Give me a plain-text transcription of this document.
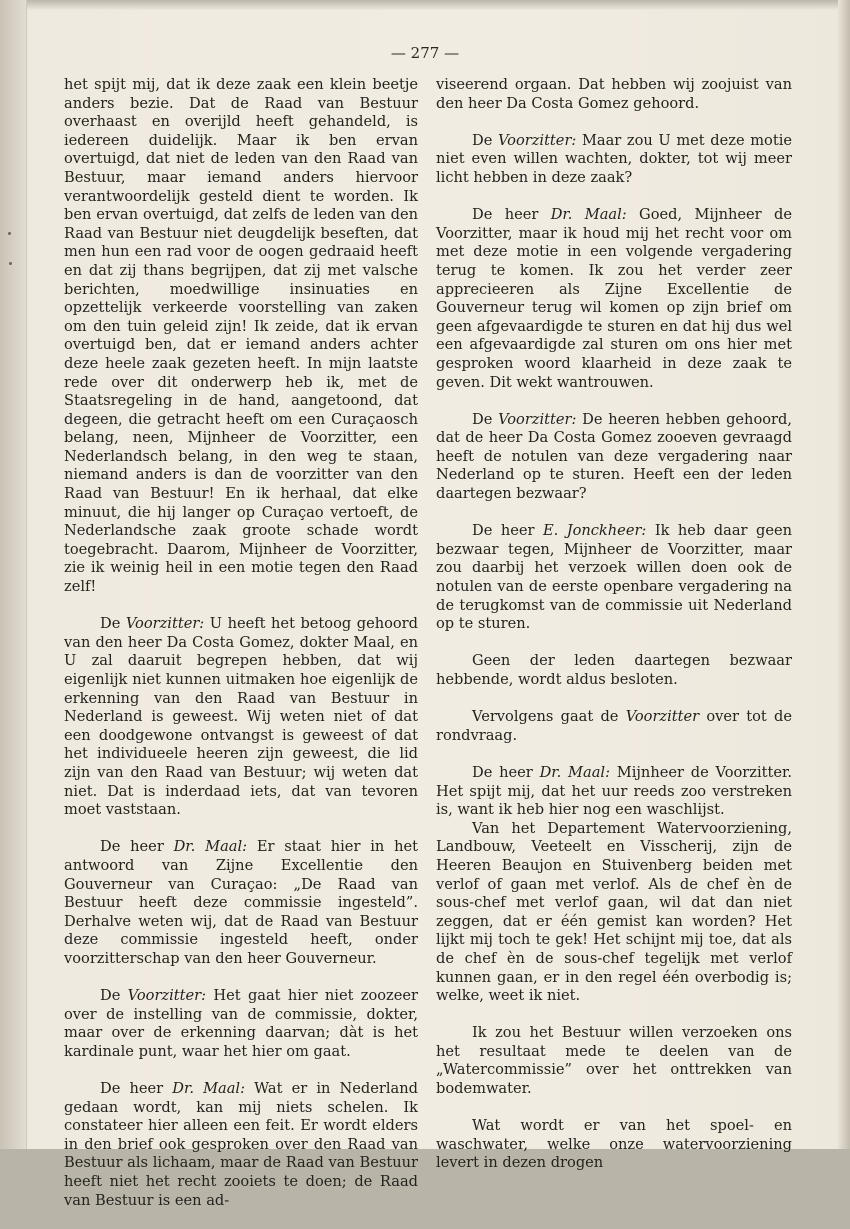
— 277 —

het spijt mij, dat ik deze zaak een klein beetje anders bezie. Dat de Raad van Bestuur overhaast en overijld heeft gehandeld, is iedereen duidelijk. Maar ik ben ervan overtuigd, dat niet de leden van den Raad van Bestuur, maar iemand anders hiervoor verantwoordelijk gesteld dient te worden. Ik ben ervan overtuigd, dat zelfs de leden van den Raad van Bestuur niet deugdelijk beseften, dat men hun een rad voor de oogen gedraaid heeft en dat zij thans begrijpen, dat zij met valsche berichten, moedwillige insinuaties en opzettelijk verkeerde voorstelling van zaken om den tuin geleid zijn! Ik zeide, dat ik ervan overtuigd ben, dat er iemand anders achter deze heele zaak gezeten heeft. In mijn laatste rede over dit onderwerp heb ik, met de Staatsregeling in de hand, aangetoond, dat degeen, die getracht heeft om een Curaçaosch belang, neen, Mijnheer de Voorzitter, een Nederlandsch belang, in den weg te staan, niemand anders is dan de voorzitter van den Raad van Bestuur! En ik herhaal, dat elke minuut, die hij langer op Curaçao vertoeft, de Nederlandsche zaak groote schade wordt toegebracht. Daarom, Mijnheer de Voorzitter, zie ik weinig heil in een motie tegen den Raad zelf!

De Voorzitter: U heeft het betoog gehoord van den heer Da Costa Gomez, dokter Maal, en U zal daaruit begrepen hebben, dat wij eigenlijk niet kunnen uitmaken hoe eigenlijk de erkenning van den Raad van Bestuur in Nederland is geweest. Wij weten niet of dat een doodgewone ontvangst is geweest of dat het individueele heeren zijn geweest, die lid zijn van den Raad van Bestuur; wij weten dat niet. Dat is inderdaad iets, dat van tevoren moet vaststaan.

De heer Dr. Maal: Er staat hier in het antwoord van Zijne Excellentie den Gouverneur van Curaçao: „De Raad van Bestuur heeft deze commissie ingesteld”. Derhalve weten wij, dat de Raad van Bestuur deze commissie ingesteld heeft, onder voorzitterschap van den heer Gouverneur.

De Voorzitter: Het gaat hier niet zoozeer over de instelling van de commissie, dokter, maar over de erkenning daarvan; dàt is het kardinale punt, waar het hier om gaat.

De heer Dr. Maal: Wat er in Nederland gedaan wordt, kan mij niets schelen. Ik constateer hier alleen een feit. Er wordt elders in den brief ook gesproken over den Raad van Bestuur als lichaam, maar de Raad van Bestuur heeft niet het recht zooiets te doen; de Raad van Bestuur is een ad-

viseerend orgaan. Dat hebben wij zoojuist van den heer Da Costa Gomez gehoord.

De Voorzitter: Maar zou U met deze motie niet even willen wachten, dokter, tot wij meer licht hebben in deze zaak?

De heer Dr. Maal: Goed, Mijnheer de Voorzitter, maar ik houd mij het recht voor om met deze motie in een volgende vergadering terug te komen. Ik zou het verder zeer apprecieeren als Zijne Excellentie de Gouverneur terug wil komen op zijn brief om geen afgevaardigde te sturen en dat hij dus wel een afgevaardigde zal sturen om ons hier met gesproken woord klaarheid in deze zaak te geven. Dit wekt wantrouwen.

De Voorzitter: De heeren hebben gehoord, dat de heer Da Costa Gomez zooeven gevraagd heeft de notulen van deze vergadering naar Nederland op te sturen. Heeft een der leden daartegen bezwaar?

De heer E. Jonckheer: Ik heb daar geen bezwaar tegen, Mijnheer de Voorzitter, maar zou daarbij het verzoek willen doen ook de notulen van de eerste openbare vergadering na de terugkomst van de commissie uit Nederland op te sturen.

Geen der leden daartegen bezwaar hebbende, wordt aldus besloten.

Vervolgens gaat de Voorzitter over tot de rondvraag.

De heer Dr. Maal: Mijnheer de Voorzitter. Het spijt mij, dat het uur reeds zoo verstreken is, want ik heb hier nog een waschlijst.

Van het Departement Watervoorziening, Landbouw, Veeteelt en Visscherij, zijn de Heeren Beaujon en Stuivenberg beiden met verlof of gaan met verlof. Als de chef èn de sous-chef met verlof gaan, wil dat dan niet zeggen, dat er één gemist kan worden? Het lijkt mij toch te gek! Het schijnt mij toe, dat als de chef èn de sous-chef tegelijk met verlof kunnen gaan, er in den regel één overbodig is; welke, weet ik niet.

Ik zou het Bestuur willen verzoeken ons het resultaat mede te deelen van de „Watercommissie” over het onttrekken van bodemwater.

Wat wordt er van het spoel- en waschwater, welke onze watervoorziening levert in dezen drogen
